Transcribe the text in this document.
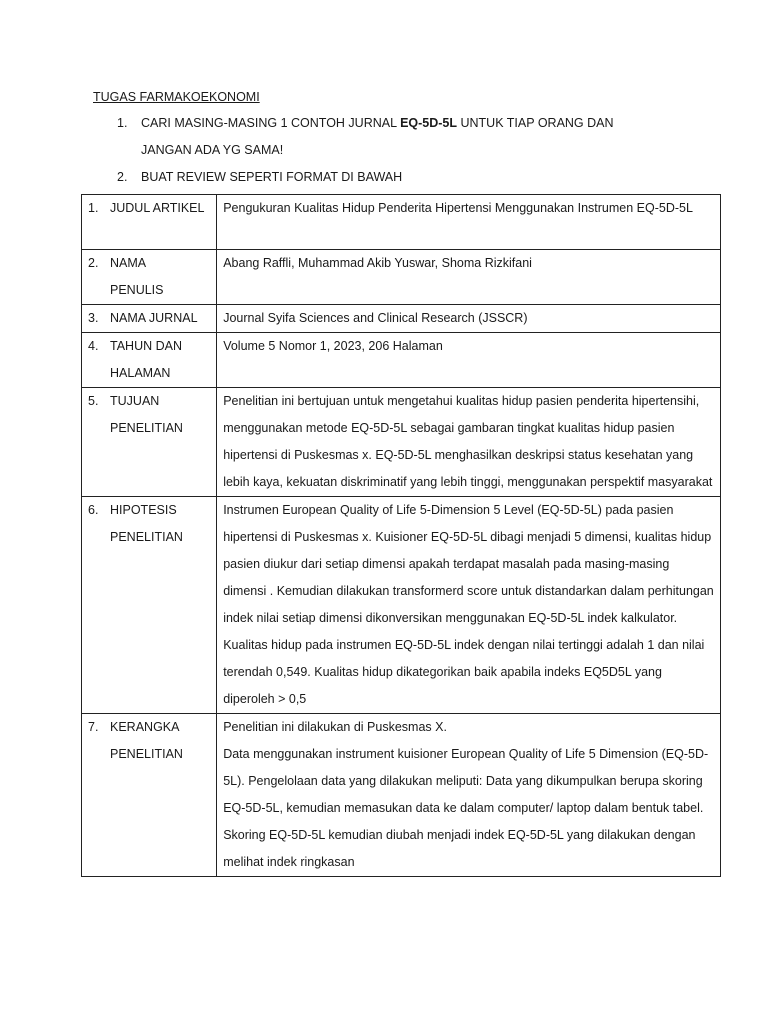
TUGAS FARMAKOEKONOMI
1. CARI MASING-MASING 1 CONTOH JURNAL EQ-5D-5L UNTUK TIAP ORANG DAN
JANGAN ADA YG SAMA!
2. BUAT REVIEW SEPERTI FORMAT DI BAWAH
1. JUDUL ARTIKEL	Pengukuran Kualitas Hidup Penderita Hipertensi Menggunakan Instrumen EQ-5D-5L

2. NAMA PENULIS	Abang Raffli, Muhammad Akib Yuswar, Shoma Rizkifani

3. NAMA JURNAL	Journal Syifa Sciences and Clinical Research (JSSCR)

4. TAHUN DAN HALAMAN	Volume 5 Nomor 1, 2023, 206 Halaman

5. TUJUAN PENELITIAN	Penelitian ini bertujuan untuk mengetahui kualitas hidup pasien penderita hipertensihi, menggunakan metode EQ-5D-5L sebagai gambaran tingkat kualitas hidup pasien hipertensi di Puskesmas x. EQ-5D-5L menghasilkan deskripsi status kesehatan yang lebih kaya, kekuatan diskriminatif yang lebih tinggi, menggunakan perspektif masyarakat

6. HIPOTESIS PENELITIAN	Instrumen European Quality of Life 5-Dimension 5 Level (EQ-5D-5L) pada pasien hipertensi di Puskesmas x. Kuisioner EQ-5D-5L dibagi menjadi 5 dimensi, kualitas hidup pasien diukur dari setiap dimensi apakah terdapat masalah pada masing-masing dimensi . Kemudian dilakukan transformerd score untuk distandarkan dalam perhitungan indek nilai setiap dimensi dikonversikan menggunakan EQ-5D-5L indek kalkulator. Kualitas hidup pada instrumen EQ-5D-5L indek dengan nilai tertinggi adalah 1 dan nilai terendah 0,549. Kualitas hidup dikategorikan baik apabila indeks EQ5D5L yang diperoleh > 0,5

7. KERANGKA PENELITIAN	Penelitian ini dilakukan di Puskesmas X.

Data menggunakan instrument kuisioner European Quality of Life 5 Dimension (EQ-5D-5L). Pengelolaan data yang dilakukan meliputi: Data yang dikumpulkan berupa skoring EQ-5D-5L, kemudian memasukan data ke dalam computer/ laptop dalam bentuk tabel. Skoring EQ-5D-5L kemudian diubah menjadi indek EQ-5D-5L yang dilakukan dengan melihat indek ringkasan
